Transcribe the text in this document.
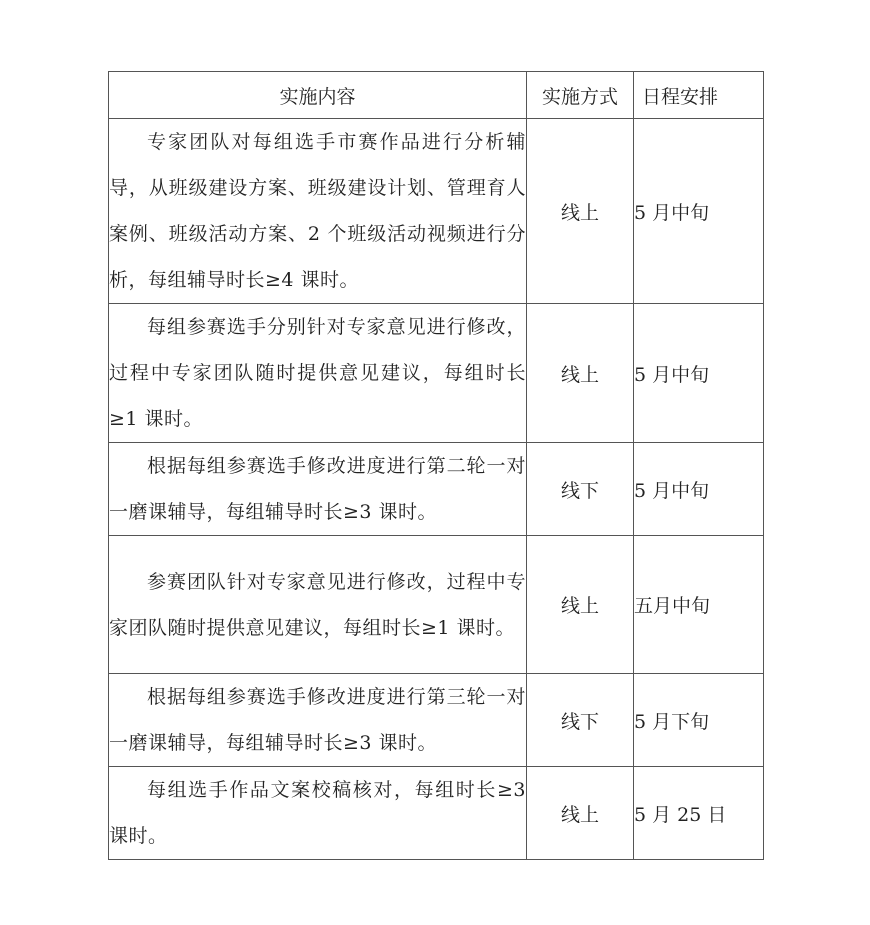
实施内容	实施方式	日程安排
专家团队对每组选手市赛作品进行分析辅导，从班级建设方案、班级建设计划、管理育人案例、班级活动方案、2 个班级活动视频进行分析，每组辅导时长≥4 课时。	线上	5 月中旬
每组参赛选手分别针对专家意见进行修改，过程中专家团队随时提供意见建议，每组时长≥1 课时。	线上	5 月中旬
根据每组参赛选手修改进度进行第二轮一对一磨课辅导，每组辅导时长≥3 课时。	线下	5 月中旬
参赛团队针对专家意见进行修改，过程中专家团队随时提供意见建议，每组时长≥1 课时。	线上	五月中旬
根据每组参赛选手修改进度进行第三轮一对一磨课辅导，每组辅导时长≥3 课时。	线下	5 月下旬
每组选手作品文案校稿核对，每组时长≥3 课时。	线上	5 月 25 日
